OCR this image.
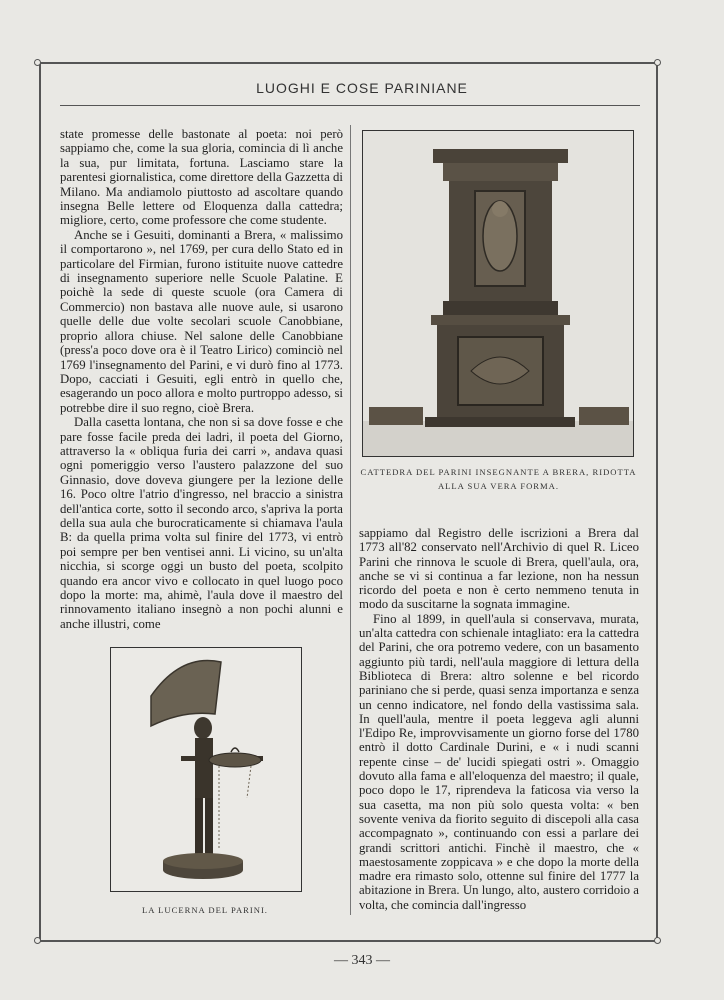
LUOGHI E COSE PARINIANE

state promesse delle bastonate al poeta: noi però sappiamo che, come la sua gloria, comincia di lì anche la sua, pur limitata, fortuna. Lasciamo stare la parentesi giornalistica, come direttore della Gazzetta di Milano. Ma andiamolo piuttosto ad ascoltare quando insegna Belle lettere od Eloquenza dalla cattedra; migliore, certo, come professore che come studente.

Anche se i Gesuiti, dominanti a Brera, « malissimo il comportarono », nel 1769, per cura dello Stato ed in particolare del Firmian, furono istituite nuove cattedre di insegnamento superiore nelle Scuole Palatine. E poichè la sede di queste scuole (ora Camera di Commercio) non bastava alle nuove aule, si usarono quelle delle due volte secolari scuole Canobbiane, proprio allora chiuse. Nel salone delle Canobbiane (press'a poco dove ora è il Teatro Lirico) cominciò nel 1769 l'insegnamento del Parini, e vi durò fino al 1773. Dopo, cacciati i Gesuiti, egli entrò in quello che, esagerando un poco allora e molto purtroppo adesso, si potrebbe dire il suo regno, cioè Brera.

Dalla casetta lontana, che non si sa dove fosse e che pare fosse facile preda dei ladri, il poeta del Giorno, attraverso la « obliqua furia dei carri », andava quasi ogni pomeriggio verso l'austero palazzone del suo Ginnasio, dove doveva giungere per la lezione delle 16. Poco oltre l'atrio d'ingresso, nel braccio a sinistra dell'antica corte, sotto il secondo arco, s'apriva la porta della sua aula che burocraticamente si chiamava l'aula B: da quella prima volta sul finire del 1773, vi entrò poi sempre per ben ventisei anni. Li vicino, su un'alta nicchia, si scorge oggi un busto del poeta, scolpito quando era ancor vivo e collocato in quel luogo poco dopo la morte: ma, ahimè, l'aula dove il maestro del rinnovamento italiano insegnò a non pochi alunni e anche illustri, come

CATTEDRA DEL PARINI INSEGNANTE A BRERA, RIDOTTA ALLA SUA VERA FORMA.

sappiamo dal Registro delle iscrizioni a Brera dal 1773 all'82 conservato nell'Archivio di quel R. Liceo Parini che rinnova le scuole di Brera, quell'aula, ora, anche se vi si continua a far lezione, non ha nessun ricordo del poeta e non è certo nemmeno tenuta in modo da suscitarne la sognata immagine.

Fino al 1899, in quell'aula si conservava, murata, un'alta cattedra con schienale intagliato: era la cattedra del Parini, che ora potremo vedere, con un basamento aggiunto più tardi, nell'aula maggiore di lettura della Biblioteca di Brera: altro solenne e bel ricordo pariniano che si perde, quasi senza importanza e senza un cenno indicatore, nel fondo della vastissima sala. In quell'aula, mentre il poeta leggeva agli alunni l'Edipo Re, improvvisamente un giorno forse del 1780 entrò il dotto Cardinale Durini, e « i nudi scanni repente cinse – de' lucidi spiegati ostri ». Omaggio dovuto alla fama e all'eloquenza del maestro; il quale, poco dopo le 17, riprendeva la faticosa via verso la sua casetta, ma non più solo questa volta: « ben sovente veniva da fiorito seguito di discepoli alla casa accompagnato », continuando con essi a parlare dei grandi scrittori antichi. Finchè il maestro, che « maestosamente zoppicava » e che dopo la morte della madre era rimasto solo, ottenne sul finire del 1777 la abitazione in Brera. Un lungo, alto, austero corridoio a volta, che comincia dall'ingresso

LA LUCERNA DEL PARINI.
— 343 —
